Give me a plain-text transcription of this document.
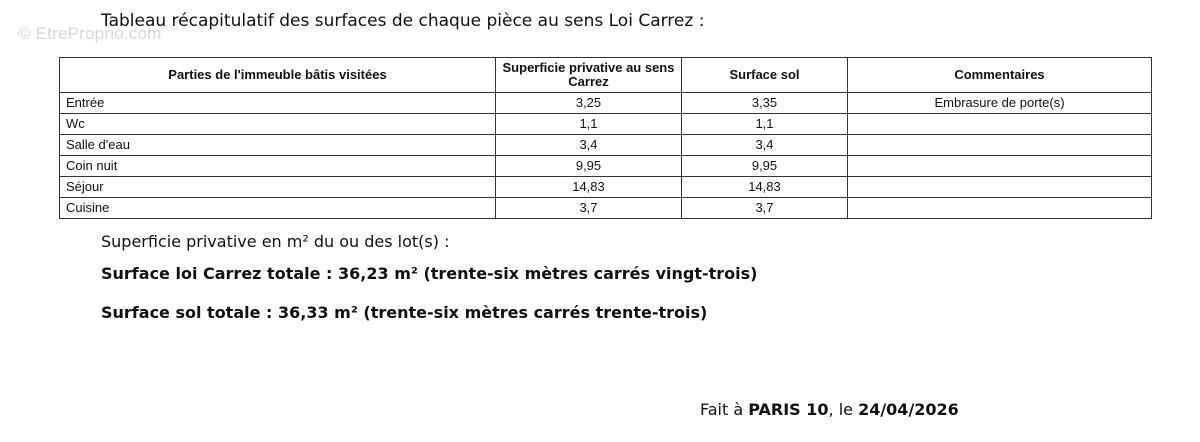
© EtreProprio.com

Tableau récapitulatif des surfaces de chaque pièce au sens Loi Carrez :

Parties de l'immeuble bâtis visitées	Superficie privative au sens Carrez	Surface sol	Commentaires
Entrée	3,25	3,35	Embrasure de porte(s)
Wc	1,1	1,1	
Salle d'eau	3,4	3,4	
Coin nuit	9,95	9,95	
Séjour	14,83	14,83	
Cuisine	3,7	3,7	

Superficie privative en m² du ou des lot(s) :

Surface loi Carrez totale : 36,23 m² (trente-six mètres carrés vingt-trois)

Surface sol totale : 36,33 m² (trente-six mètres carrés trente-trois)

Fait à PARIS 10, le 24/04/2026
